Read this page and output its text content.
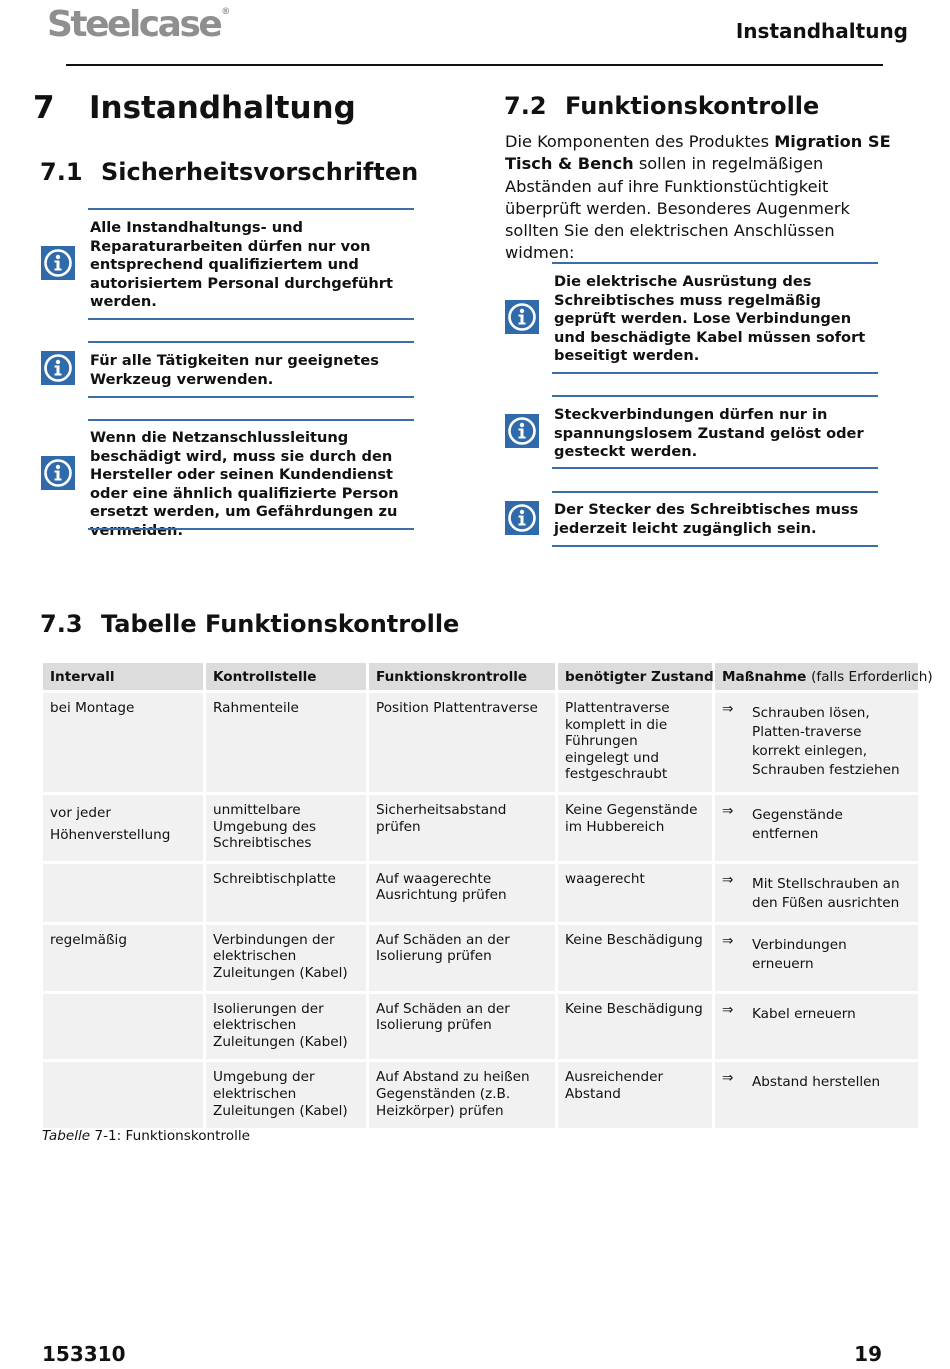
Steelcase®
Instandhaltung
7 Instandhaltung
7.1 Sicherheitsvorschriften
Alle Instandhaltungs- und Reparaturarbeiten dürfen nur von entsprechend qualifiziertem und autorisiertem Personal durchgeführt werden.
Für alle Tätigkeiten nur geeignetes Werkzeug verwenden.
Wenn die Netzanschlussleitung beschädigt wird, muss sie durch den Hersteller oder seinen Kundendienst oder eine ähnlich qualifizierte Person ersetzt werden, um Gefährdungen zu vermeiden.
7.2 Funktionskontrolle
Die Komponenten des Produktes Migration SE Tisch & Bench sollen in regelmäßigen Abständen auf ihre Funktionstüchtigkeit überprüft werden. Besonderes Augenmerk sollten Sie den elektrischen Anschlüssen widmen:
Die elektrische Ausrüstung des Schreibtisches muss regelmäßig geprüft werden. Lose Verbindungen und beschädigte Kabel müssen sofort beseitigt werden.
Steckverbindungen dürfen nur in spannungslosem Zustand gelöst oder gesteckt werden.
Der Stecker des Schreibtisches muss jederzeit leicht zugänglich sein.
7.3 Tabelle Funktionskontrolle
Intervall	Kontrollstelle	Funktionskrontrolle	benötigter Zustand	Maßnahme (falls Erforderlich)
bei Montage	Rahmenteile	Position Plattentraverse	Plattentraverse komplett in die Führungen eingelegt und festgeschraubt	⇒ Schrauben lösen, Platten-traverse korrekt einlegen, Schrauben festziehen

vor jeder Höhenverstellung	unmittelbare Umgebung des Schreibtisches	Sicherheitsabstand prüfen	Keine Gegenstände im Hubbereich	⇒ Gegenstände entfernen

	Schreibtischplatte	Auf waagerechte Ausrichtung prüfen	waagerecht	⇒ Mit Stellschrauben an den Füßen ausrichten

regelmäßig	Verbindungen der elektrischen Zuleitungen (Kabel)	Auf Schäden an der Isolierung prüfen	Keine Beschädigung	⇒ Verbindungen erneuern

	Isolierungen der elektrischen Zuleitungen (Kabel)	Auf Schäden an der Isolierung prüfen	Keine Beschädigung	⇒ Kabel erneuern

	Umgebung der elektrischen Zuleitungen (Kabel)	Auf Abstand zu heißen Gegenständen (z.B. Heizkörper) prüfen	Ausreichender Abstand	⇒ Abstand herstellen
Tabelle 7-1: Funktionskontrolle
153310	19
